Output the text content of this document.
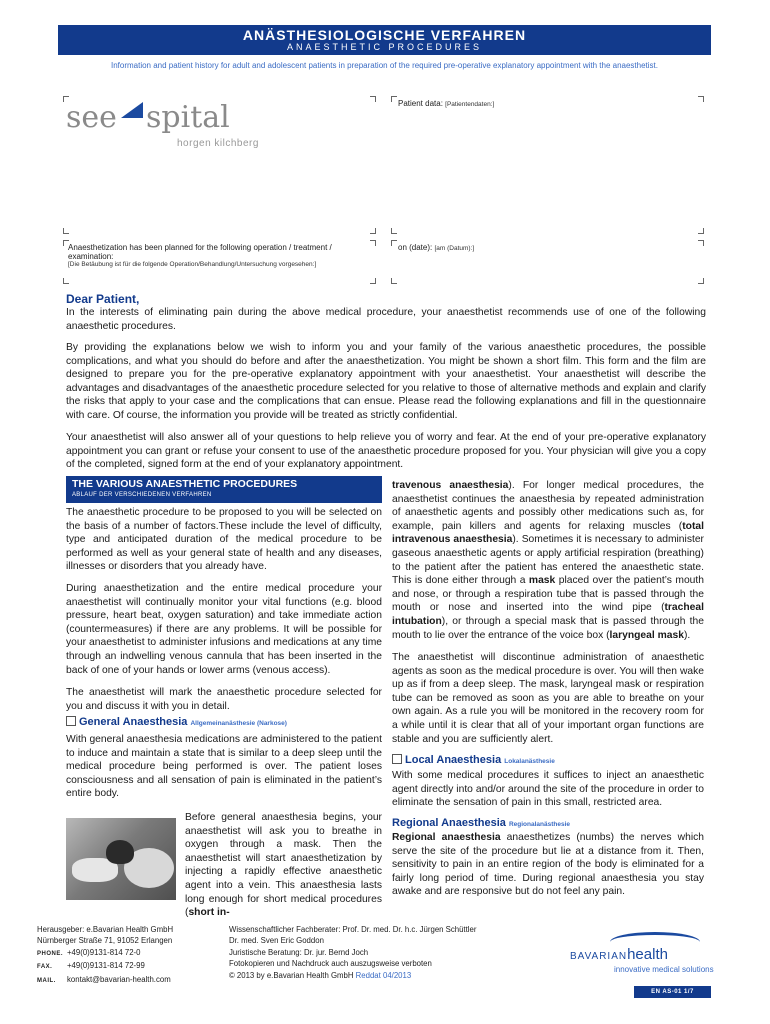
ANÄSTHESIOLOGISCHE VERFAHREN
ANAESTHETIC PROCEDURES
Information and patient history for adult and adolescent patients in preparation of the required pre-operative explanatory appointment with the anaesthetist.
see spital
horgen kilchberg
Patient data: [Patientendaten:]
Anaesthetization has been planned for the following operation / treatment / examination:
[Die Betäubung ist für die folgende Operation/Behandlung/Untersuchung vorgesehen:]
on (date): [am (Datum):]
Dear Patient,
In the interests of eliminating pain during the above medical procedure, your anaesthetist recommends use of one of the following anaesthetic procedures.
By providing the explanations below we wish to inform you and your family of the various anaesthetic procedures, the possible complications, and what you should do before and after the anaesthetization. You might be shown a short film. This form and the film are designed to prepare you for the pre-operative explanatory appointment with your anaesthetist. Your anaesthetist will describe the advantages and disadvantages of the anaesthetic procedure selected for you relative to those of alternative methods and explain and clarify the risks that apply to your case and the complications that can ensue. Please read the following explanations and fill in the questionnaire with care. Of course, the information you provide will be treated as strictly confidential.
Your anaesthetist will also answer all of your questions to help relieve you of worry and fear. At the end of your pre-operative explanatory appointment you can grant or refuse your consent to use of the anaesthetic procedure proposed for you. Your physician will give you a copy of the completed, signed form at the end of your explanatory appointment.
THE VARIOUS ANAESTHETIC PROCEDURES
ABLAUF DER VERSCHIEDENEN VERFAHREN
The anaesthetic procedure to be proposed to you will be selected on the basis of a number of factors.These include the level of difficulty, type and anticipated duration of the medical procedure to be performed as well as your general state of health and any diseases, illnesses or disorders that you already have.
During anaesthetization and the entire medical procedure your anaesthetist will continually monitor your vital functions (e.g. blood pressure, heart beat, oxygen saturation) and take immediate action (countermeasures) if there are any problems. It will be possible for your anaesthetist to administer infusions and medications at any time through an indwelling venous cannula that has been inserted in the back of one of your hands or lower arms (venous access).
The anaesthetist will mark the anaesthetic procedure selected for you and discuss it with you in detail.
General Anaesthesia Allgemeinanästhesie (Narkose)
With general anaesthesia medications are administered to the patient to induce and maintain a state that is similar to a deep sleep until the medical procedure being performed is over. The patient loses consciousness and all sensation of pain is eliminated in the patient’s entire body.
Before general anaesthesia begins, your anaesthetist will ask you to breathe in oxygen through a mask. Then the anaesthetist will start anaesthetization by injecting a rapidly effective anaesthetic agent into a vein. This anaesthesia lasts long enough for short medical procedures (short in-
travenous anaesthesia). For longer medical procedures, the anaesthetist continues the anaesthesia by repeated administration of anaesthetic agents and possibly other medications such as, for example, pain killers and agents for relaxing muscles (total intravenous anaesthesia). Sometimes it is necessary to administer gaseous anaesthetic agents or apply artificial respiration (breathing) to the patient after the patient has entered the anaesthetic state. This is done either through a mask placed over the patient’s mouth and nose, or through a respiration tube that is passed through the mouth or nose and inserted into the wind pipe (tracheal intubation), or through a special mask that is passed through the mouth to lie over the entrance of the voice box (laryngeal mask).
The anaesthetist will discontinue administration of anaesthetic agents as soon as the medical procedure is over. You will then wake up as if from a deep sleep. The mask, laryngeal mask or respiration tube can be removed as soon as you are able to breathe on your own again. As a rule you will be monitored in the recovery room for a while until it is clear that all of your important organ functions are stable and you are sufficiently alert.
Local Anaesthesia Lokalanästhesie
With some medical procedures it suffices to inject an anaesthetic agent directly into and/or around the site of the procedure in order to eliminate the sensation of pain in this small, restricted area.
Regional Anaesthesia Regionalanästhesie
Regional anaesthesia anaesthetizes (numbs) the nerves which serve the site of the procedure but lie at a distance from it. Then, sensitivity to pain in an entire region of the body is eliminated for a fairly long period of time. During regional anaesthesia you stay awake and are responsive but do not feel any pain.
Herausgeber: e.Bavarian Health GmbH
Nürnberger Straße 71, 91052 Erlangen
PHONE. +49(0)9131-814 72-0
FAX. +49(0)9131-814 72-99
MAIL. kontakt@bavarian-health.com
Wissenschaftlicher Fachberater: Prof. Dr. med. Dr. h.c. Jürgen Schüttler
Dr. med. Sven Eric Goddon
Juristische Beratung: Dr. jur. Bernd Joch
Fotokopieren und Nachdruck auch auszugsweise verboten
© 2013 by e.Bavarian Health GmbH Reddat 04/2013
BAVARIANhealth
innovative medical solutions
EN AS-01 1/7
